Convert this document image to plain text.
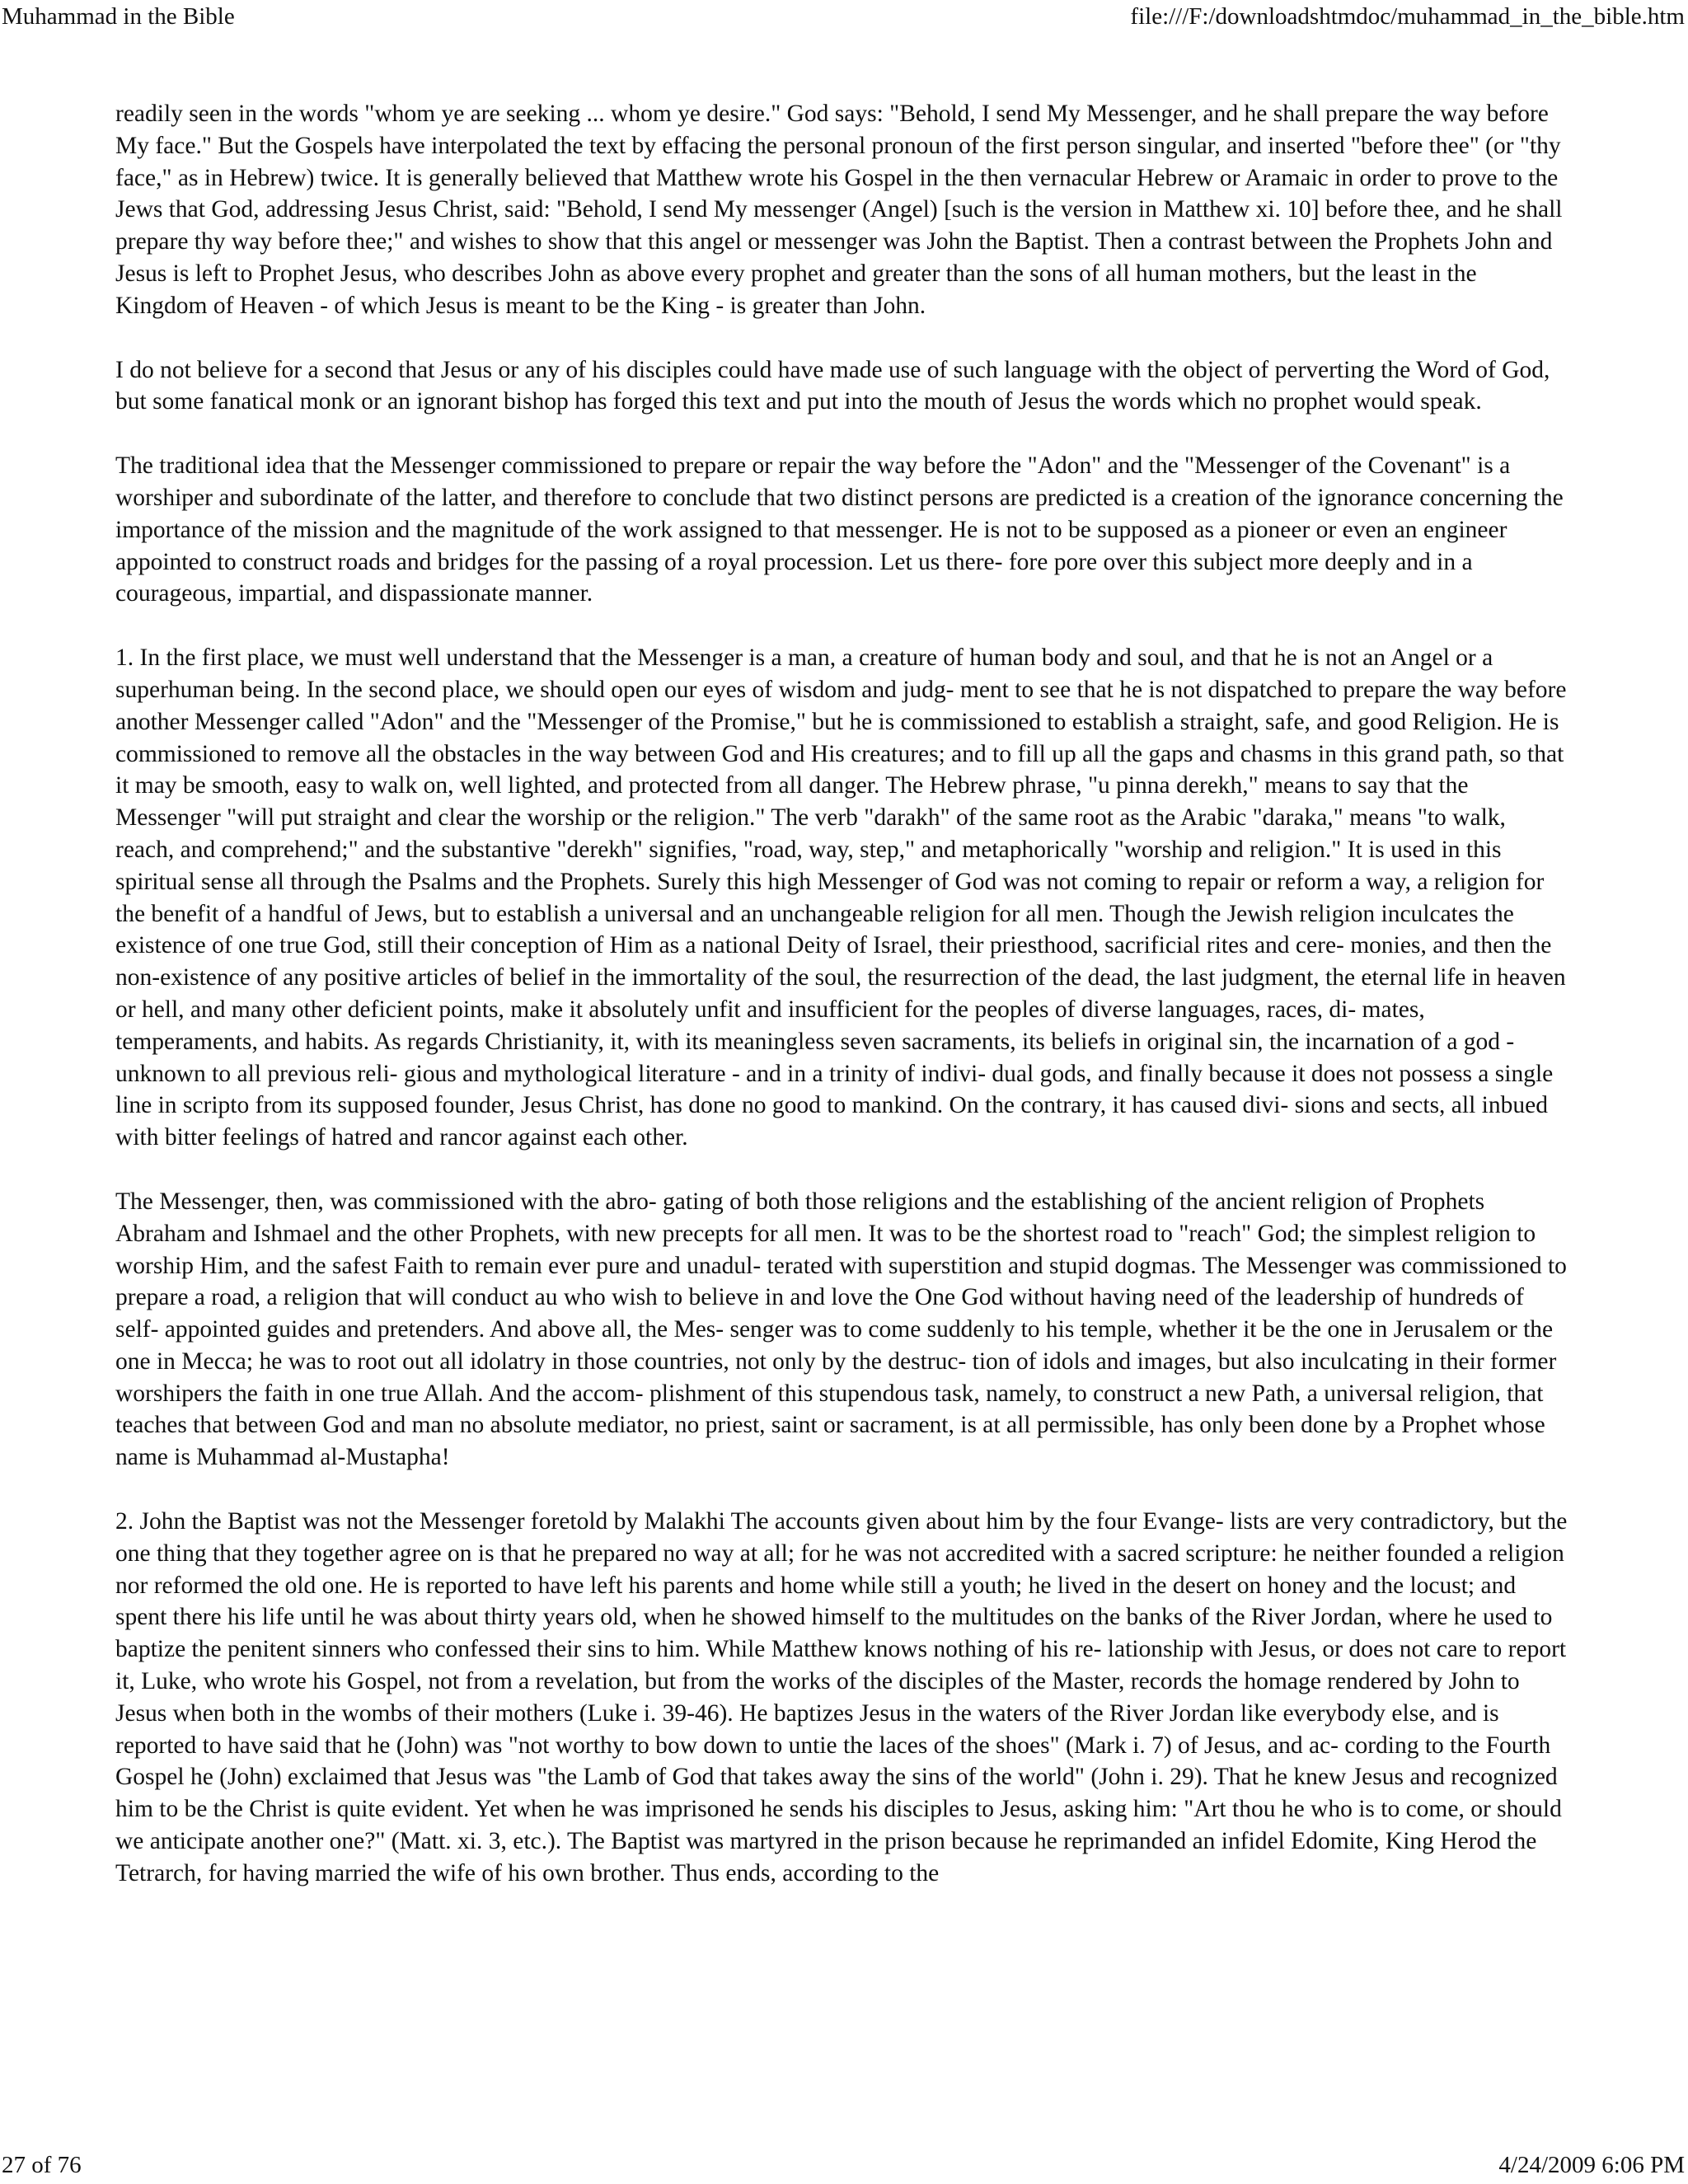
Muhammad in the Bible	file:///F:/downloadshtmdoc/muhammad_in_the_bible.htm

readily seen in the words "whom ye are seeking ... whom ye desire." God says: "Behold, I send My Messenger, and he shall prepare the way before My face." But the Gospels have interpolated the text by effacing the personal pronoun of the first person singular, and inserted "before thee" (or "thy face," as in Hebrew) twice. It is generally believed that Matthew wrote his Gospel in the then vernacular Hebrew or Aramaic in order to prove to the Jews that God, addressing Jesus Christ, said: "Behold, I send My messenger (Angel) [such is the version in Matthew xi. 10] before thee, and he shall prepare thy way before thee;" and wishes to show that this angel or messenger was John the Baptist. Then a contrast between the Prophets John and Jesus is left to Prophet Jesus, who describes John as above every prophet and greater than the sons of all human mothers, but the least in the Kingdom of Heaven - of which Jesus is meant to be the King - is greater than John.

I do not believe for a second that Jesus or any of his disciples could have made use of such language with the object of perverting the Word of God, but some fanatical monk or an ignorant bishop has forged this text and put into the mouth of Jesus the words which no prophet would speak.

The traditional idea that the Messenger commissioned to prepare or repair the way before the "Adon" and the "Messenger of the Covenant" is a worshiper and subordinate of the latter, and therefore to conclude that two distinct persons are predicted is a creation of the ignorance concerning the importance of the mission and the magnitude of the work assigned to that messenger. He is not to be supposed as a pioneer or even an engineer appointed to construct roads and bridges for the passing of a royal procession. Let us there- fore pore over this subject more deeply and in a courageous, impartial, and dispassionate manner.

1. In the first place, we must well understand that the Messenger is a man, a creature of human body and soul, and that he is not an Angel or a superhuman being. In the second place, we should open our eyes of wisdom and judg- ment to see that he is not dispatched to prepare the way before another Messenger called "Adon" and the "Messenger of the Promise," but he is commissioned to establish a straight, safe, and good Religion. He is commissioned to remove all the obstacles in the way between God and His creatures; and to fill up all the gaps and chasms in this grand path, so that it may be smooth, easy to walk on, well lighted, and protected from all danger. The Hebrew phrase, "u pinna derekh," means to say that the Messenger "will put straight and clear the worship or the religion." The verb "darakh" of the same root as the Arabic "daraka," means "to walk, reach, and comprehend;" and the substantive "derekh" signifies, "road, way, step," and metaphorically "worship and religion." It is used in this spiritual sense all through the Psalms and the Prophets. Surely this high Messenger of God was not coming to repair or reform a way, a religion for the benefit of a handful of Jews, but to establish a universal and an unchangeable religion for all men. Though the Jewish religion inculcates the existence of one true God, still their conception of Him as a national Deity of Israel, their priesthood, sacrificial rites and cere- monies, and then the non-existence of any positive articles of belief in the immortality of the soul, the resurrection of the dead, the last judgment, the eternal life in heaven or hell, and many other deficient points, make it absolutely unfit and insufficient for the peoples of diverse languages, races, di- mates, temperaments, and habits. As regards Christianity, it, with its meaningless seven sacraments, its beliefs in original sin, the incarnation of a god - unknown to all previous reli- gious and mythological literature - and in a trinity of indivi- dual gods, and finally because it does not possess a single line in scripto from its supposed founder, Jesus Christ, has done no good to mankind. On the contrary, it has caused divi- sions and sects, all inbued with bitter feelings of hatred and rancor against each other.

The Messenger, then, was commissioned with the abro- gating of both those religions and the establishing of the ancient religion of Prophets Abraham and Ishmael and the other Prophets, with new precepts for all men. It was to be the shortest road to "reach" God; the simplest religion to worship Him, and the safest Faith to remain ever pure and unadul- terated with superstition and stupid dogmas. The Messenger was commissioned to prepare a road, a religion that will conduct au who wish to believe in and love the One God without having need of the leadership of hundreds of self- appointed guides and pretenders. And above all, the Mes- senger was to come suddenly to his temple, whether it be the one in Jerusalem or the one in Mecca; he was to root out all idolatry in those countries, not only by the destruc- tion of idols and images, but also inculcating in their former worshipers the faith in one true Allah. And the accom- plishment of this stupendous task, namely, to construct a new Path, a universal religion, that teaches that between God and man no absolute mediator, no priest, saint or sacrament, is at all permissible, has only been done by a Prophet whose name is Muhammad al-Mustapha!

2. John the Baptist was not the Messenger foretold by Malakhi The accounts given about him by the four Evange- lists are very contradictory, but the one thing that they together agree on is that he prepared no way at all; for he was not accredited with a sacred scripture: he neither founded a religion nor reformed the old one. He is reported to have left his parents and home while still a youth; he lived in the desert on honey and the locust; and spent there his life until he was about thirty years old, when he showed himself to the multitudes on the banks of the River Jordan, where he used to baptize the penitent sinners who confessed their sins to him. While Matthew knows nothing of his re- lationship with Jesus, or does not care to report it, Luke, who wrote his Gospel, not from a revelation, but from the works of the disciples of the Master, records the homage rendered by John to Jesus when both in the wombs of their mothers (Luke i. 39-46). He baptizes Jesus in the waters of the River Jordan like everybody else, and is reported to have said that he (John) was "not worthy to bow down to untie the laces of the shoes" (Mark i. 7) of Jesus, and ac- cording to the Fourth Gospel he (John) exclaimed that Jesus was "the Lamb of God that takes away the sins of the world" (John i. 29). That he knew Jesus and recognized him to be the Christ is quite evident. Yet when he was imprisoned he sends his disciples to Jesus, asking him: "Art thou he who is to come, or should we anticipate another one?" (Matt. xi. 3, etc.). The Baptist was martyred in the prison because he reprimanded an infidel Edomite, King Herod the Tetrarch, for having married the wife of his own brother. Thus ends, according to the

27 of 76	4/24/2009 6:06 PM
